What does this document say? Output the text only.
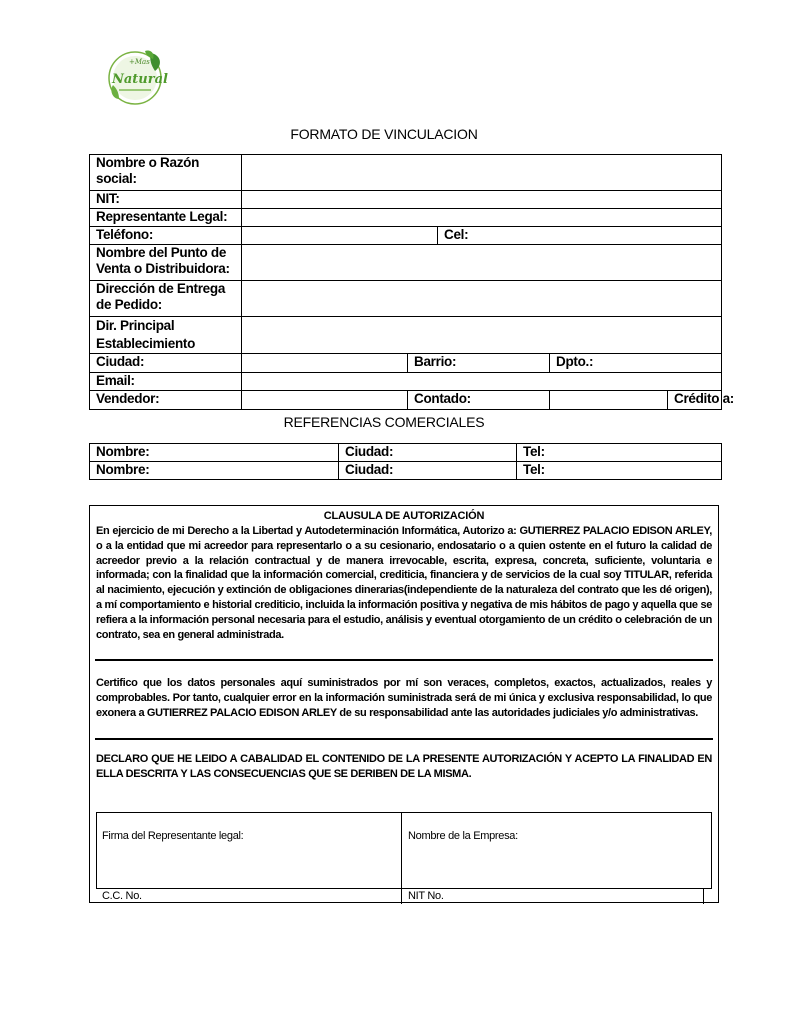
+Mas
Natural
FORMATO DE VINCULACION
Nombre o Razón social:					
NIT:					
Representante Legal:					
Teléfono:			Cel:		
Nombre del Punto de Venta o Distribuidora:					
Dirección de Entrega de Pedido:					
Dir. Principal Establecimiento					
Ciudad:		Barrio:		Dpto.:	
Email:					
Vendedor:		Contado:			Crédito a:
REFERENCIAS COMERCIALES
Nombre:	Ciudad:	Tel:
Nombre:	Ciudad:	Tel:
CLAUSULA DE AUTORIZACIÓN
En ejercicio de mi Derecho a la Libertad y Autodeterminación Informática, Autorizo a: GUTIERREZ PALACIO EDISON ARLEY, o a la entidad que mi acreedor para representarlo o a su cesionario, endosatario o a quien ostente en el futuro la calidad de acreedor previo a la relación contractual y de manera irrevocable, escrita, expresa, concreta, suficiente, voluntaria e informada; con la finalidad que la información comercial, crediticia, financiera y de servicios de la cual soy TITULAR, referida al nacimiento, ejecución y extinción de obligaciones dinerarias(independiente de la naturaleza del contrato que les dé origen), a mí comportamiento e historial crediticio, incluida la información positiva y negativa de mis hábitos de pago y aquella que se refiera a la información personal necesaria para el estudio, análisis y eventual otorgamiento de un crédito o celebración de un contrato, sea en general administrada.
Certifico que los datos personales aquí suministrados por mí son veraces, completos, exactos, actualizados, reales y comprobables. Por tanto, cualquier error en la información suministrada será de mi única y exclusiva responsabilidad, lo que exonera a GUTIERREZ PALACIO EDISON ARLEY de su responsabilidad ante las autoridades judiciales y/o administrativas.
DECLARO QUE HE LEIDO A CABALIDAD EL CONTENIDO DE LA PRESENTE AUTORIZACIÓN Y ACEPTO LA FINALIDAD EN ELLA DESCRITA Y LAS CONSECUENCIAS QUE SE DERIBEN DE LA MISMA.
Firma del Representante legal:	Nombre de la Empresa:
C.C. No.	NIT No.
